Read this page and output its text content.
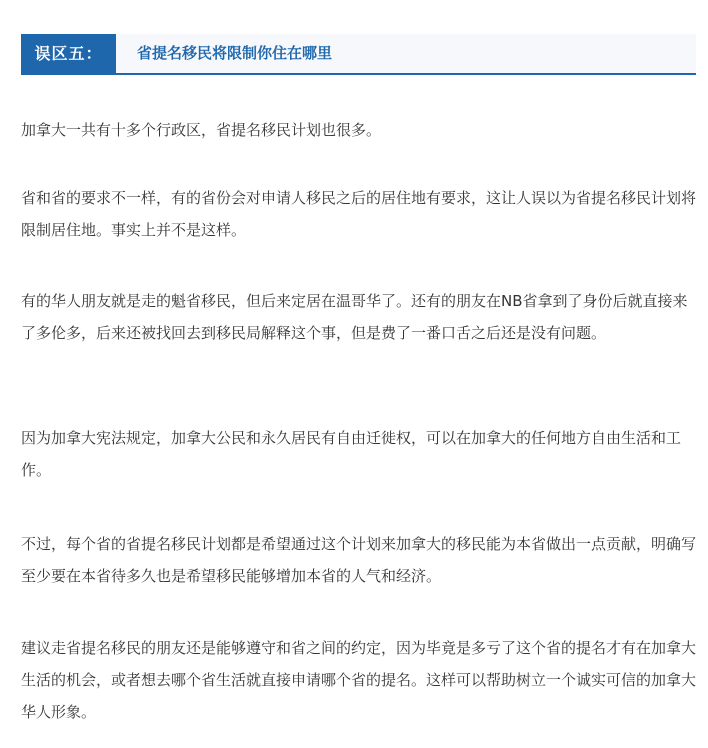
误区五：	省提名移民将限制你住在哪里

加拿大一共有十多个行政区，省提名移民计划也很多。

省和省的要求不一样，有的省份会对申请人移民之后的居住地有要求，这让人误以为省提名移民计划将限制居住地。事实上并不是这样。

有的华人朋友就是走的魁省移民，但后来定居在温哥华了。还有的朋友在NB省拿到了身份后就直接来了多伦多，后来还被找回去到移民局解释这个事，但是费了一番口舌之后还是没有问题。

因为加拿大宪法规定，加拿大公民和永久居民有自由迁徙权，可以在加拿大的任何地方自由生活和工作。

不过，每个省的省提名移民计划都是希望通过这个计划来加拿大的移民能为本省做出一点贡献，明确写至少要在本省待多久也是希望移民能够增加本省的人气和经济。

建议走省提名移民的朋友还是能够遵守和省之间的约定，因为毕竟是多亏了这个省的提名才有在加拿大生活的机会，或者想去哪个省生活就直接申请哪个省的提名。这样可以帮助树立一个诚实可信的加拿大华人形象。
